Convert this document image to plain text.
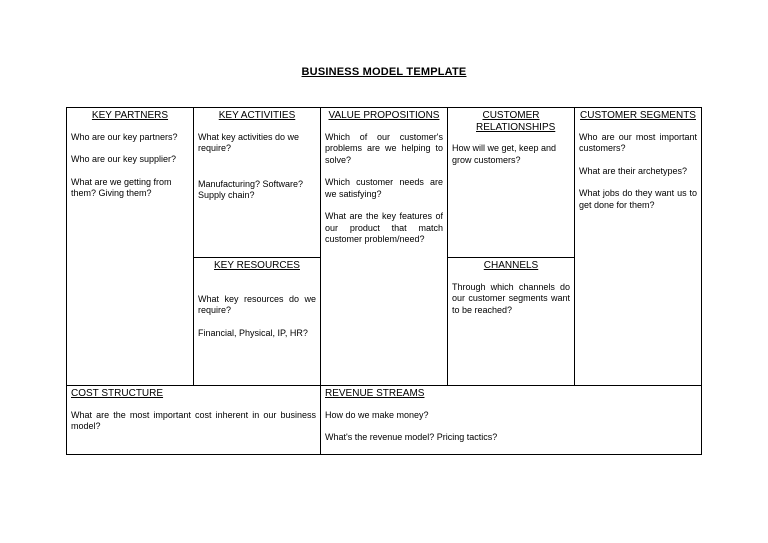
BUSINESS MODEL TEMPLATE
KEY PARTNERS

Who are our key partners?

Who are our key supplier?

What are we getting from them? Giving them?

KEY ACTIVITIES

What key activities do we require?

Manufacturing? Software? Supply chain?

KEY RESOURCES

What key resources do we require?

Financial, Physical, IP, HR?

VALUE PROPOSITIONS

Which of our customer's problems are we helping to solve?

Which customer needs are we satisfying?

What are the key features of our product that match customer problem/need?

CUSTOMER RELATIONSHIPS

How will we get, keep and grow customers?

CHANNELS

Through which channels do our customer segments want to be reached?

CUSTOMER SEGMENTS

Who are our most important customers?

What are their archetypes?

What jobs do they want us to get done for them?

COST STRUCTURE

What are the most important cost inherent in our business model?

REVENUE STREAMS

How do we make money?

What's the revenue model? Pricing tactics?
